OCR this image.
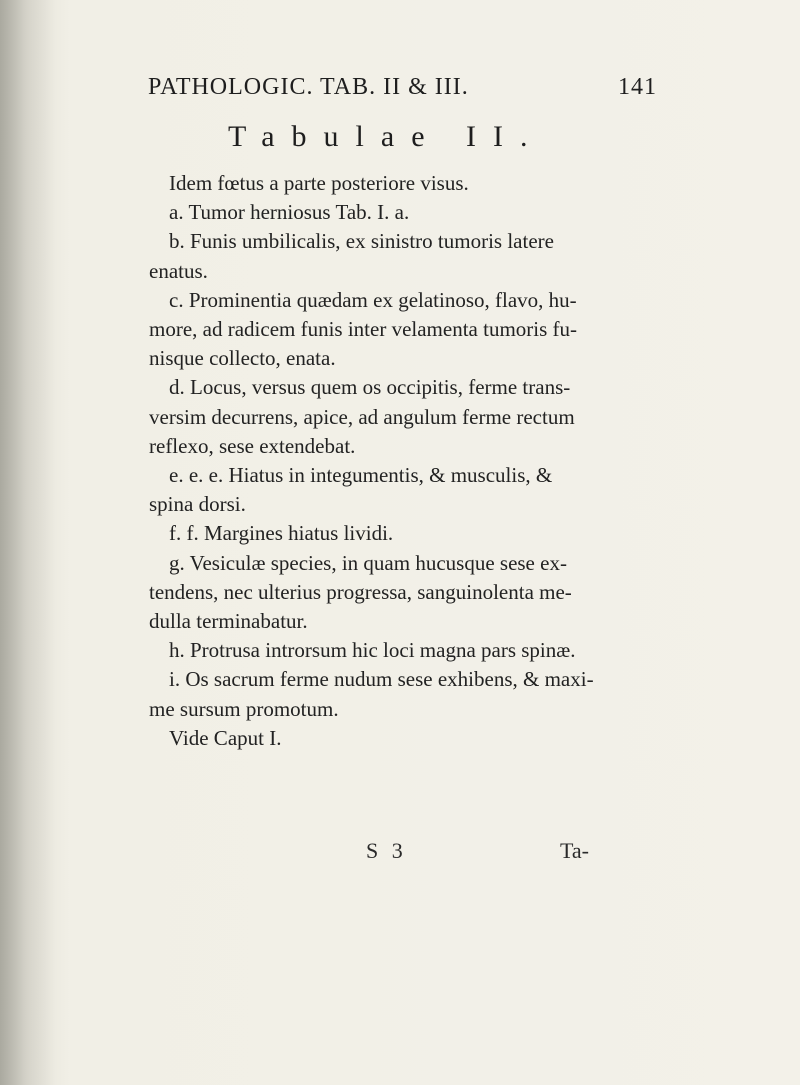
PATHOLOGIC. TAB. II & III.	141
Tabulae II.
Idem fœtus a parte posteriore visus.
a. Tumor herniosus Tab. I. a.
b. Funis umbilicalis, ex sinistro tumoris latere
enatus.
c. Prominentia quædam ex gelatinoso, flavo, hu-
more, ad radicem funis inter velamenta tumoris fu-
nisque collecto, enata.
d. Locus, versus quem os occipitis, ferme trans-
versim decurrens, apice, ad angulum ferme rectum
reflexo, sese extendebat.
e. e. e. Hiatus in integumentis, & musculis, &
spina dorsi.
f. f. Margines hiatus lividi.
g. Vesiculæ species, in quam hucusque sese ex-
tendens, nec ulterius progressa, sanguinolenta me-
dulla terminabatur.
h. Protrusa introrsum hic loci magna pars spinæ.
i. Os sacrum ferme nudum sese exhibens, & maxi-
me sursum promotum.
Vide Caput I.
S 3	Ta-
